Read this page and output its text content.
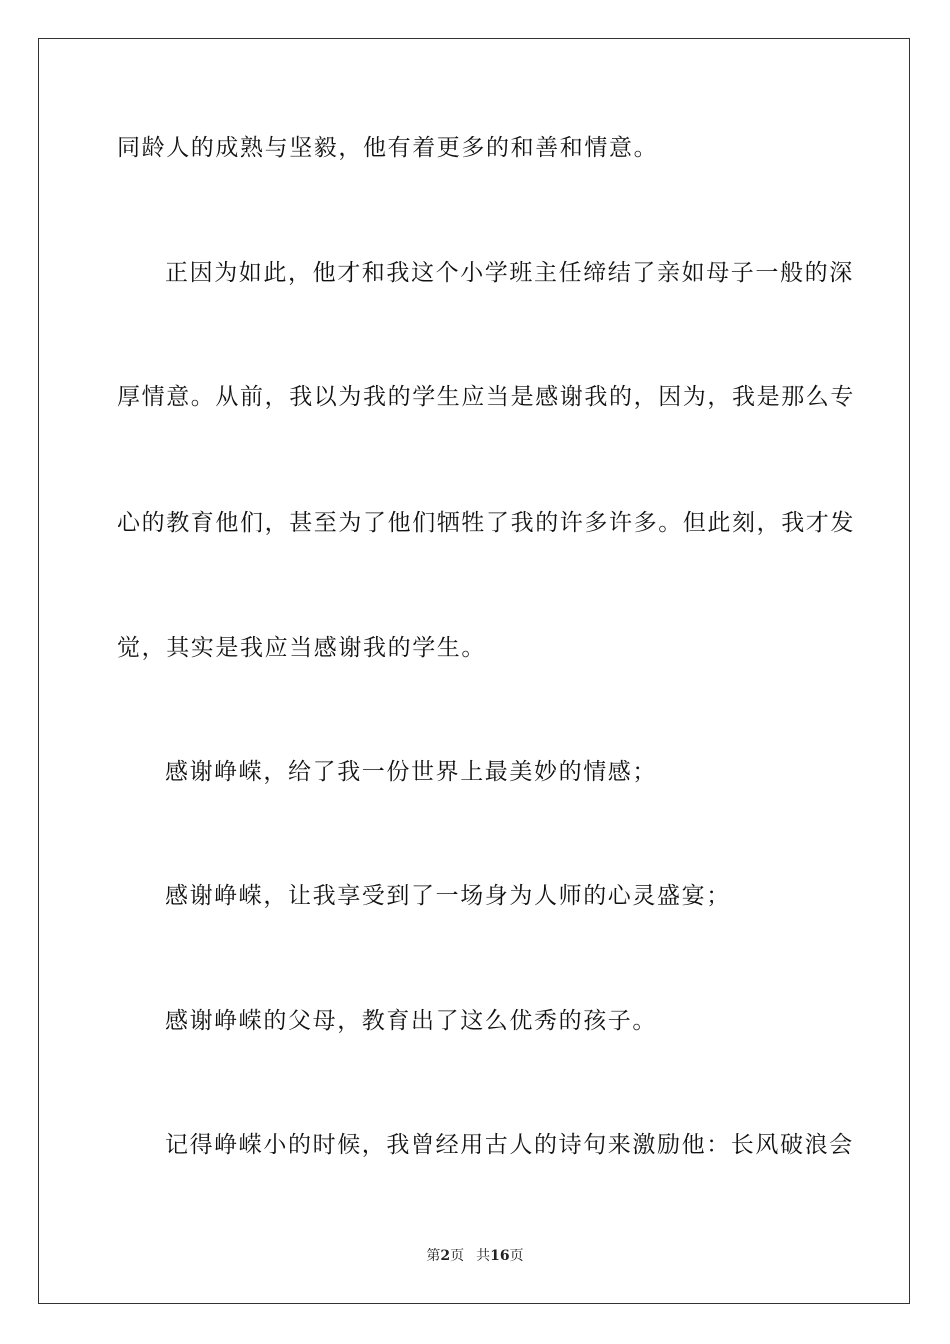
同龄人的成熟与坚毅，他有着更多的和善和情意。
正因为如此，他才和我这个小学班主任缔结了亲如母子一般的深
厚情意。从前，我以为我的学生应当是感谢我的，因为，我是那么专
心的教育他们，甚至为了他们牺牲了我的许多许多。但此刻，我才发
觉，其实是我应当感谢我的学生。
感谢峥嵘，给了我一份世界上最美妙的情感；
感谢峥嵘，让我享受到了一场身为人师的心灵盛宴；
感谢峥嵘的父母，教育出了这么优秀的孩子。
记得峥嵘小的时候，我曾经用古人的诗句来激励他：长风破浪会
第2页 共16页
